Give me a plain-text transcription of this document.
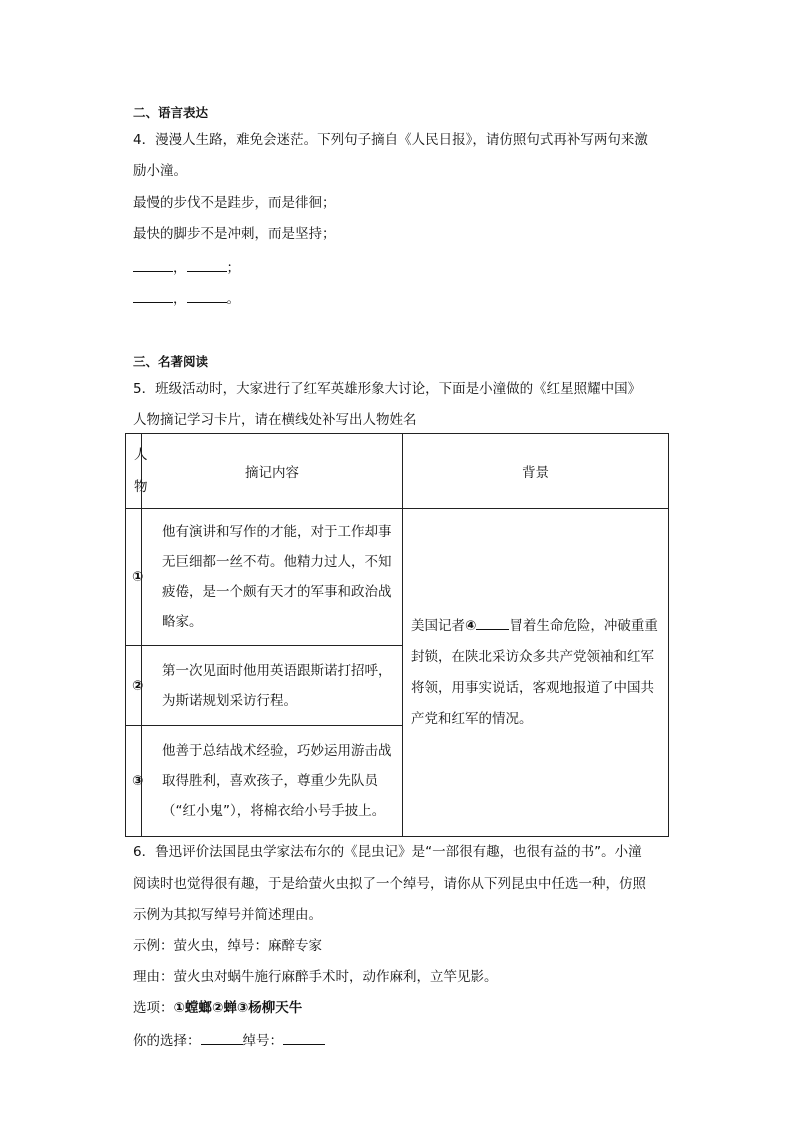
二、语言表达
4．漫漫人生路，难免会迷茫。下列句子摘自《人民日报》，请仿照句式再补写两句来激
励小潼。
最慢的步伐不是跬步，而是徘徊；
最快的脚步不是冲刺，而是坚持；
，	；
，	。
三、名著阅读
5．班级活动时，大家进行了红军英雄形象大讨论，下面是小潼做的《红星照耀中国》
人物摘记学习卡片，请在横线处补写出人物姓名
人
物	摘记内容	背景

①	他有演讲和写作的才能，对于工作却事无巨细都一丝不苟。他精力过人，不知疲倦，是一个颇有天才的军事和政治战略家。	美国记者④ 冒着生命危险，冲破重重封锁，在陕北采访众多共产党领袖和红军将领，用事实说话，客观地报道了中国共产党和红军的情况。

②	第一次见面时他用英语跟斯诺打招呼，为斯诺规划采访行程。	

③	他善于总结战术经验，巧妙运用游击战取得胜利，喜欢孩子，尊重少先队员（“红小鬼”），将棉衣给小号手披上。	
6．鲁迅评价法国昆虫学家法布尔的《昆虫记》是“一部很有趣，也很有益的书”。小潼
阅读时也觉得很有趣，于是给萤火虫拟了一个绰号，请你从下列昆虫中任选一种，仿照
示例为其拟写绰号并简述理由。
示例：萤火虫，绰号：麻醉专家
理由：萤火虫对蜗牛施行麻醉手术时，动作麻利，立竿见影。
选项：①螳螂②蝉③杨柳天牛
你的选择：	绰号：
